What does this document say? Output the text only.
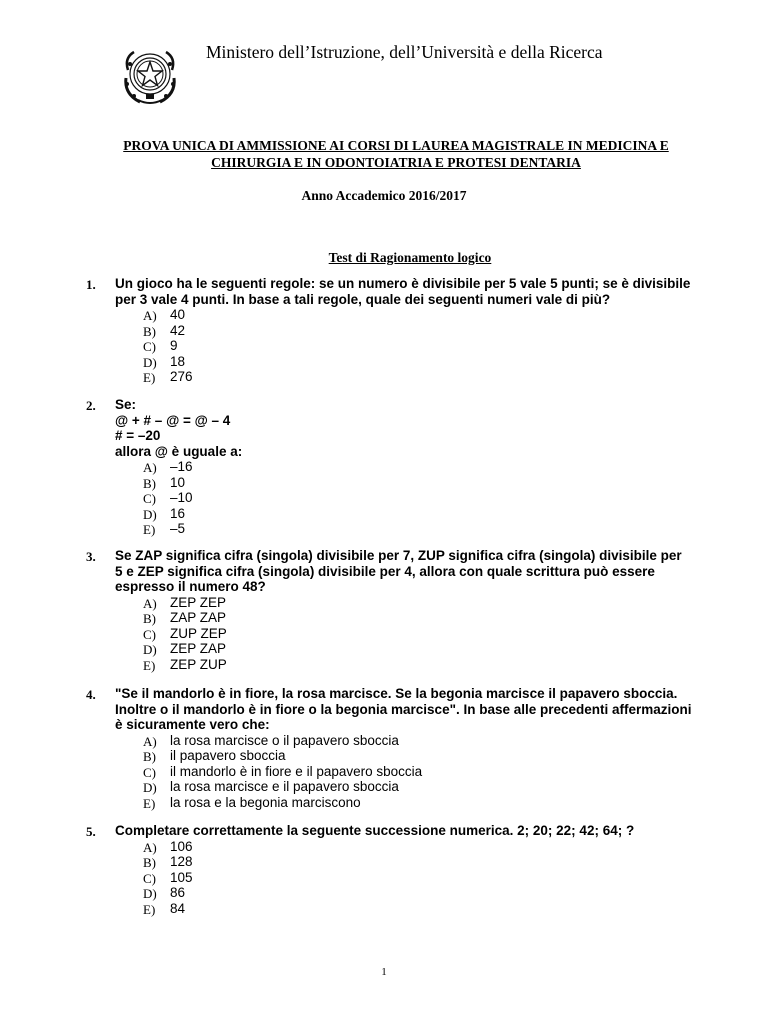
Ministero dell’Istruzione, dell’Università e della Ricerca
PROVA UNICA DI AMMISSIONE AI CORSI DI LAUREA MAGISTRALE IN MEDICINA E
CHIRURGIA E IN ODONTOIATRIA E PROTESI DENTARIA
Anno Accademico 2016/2017
Test di Ragionamento logico
1. Un gioco ha le seguenti regole: se un numero è divisibile per 5 vale 5 punti; se è divisibile
per 3 vale 4 punti. In base a tali regole, quale dei seguenti numeri vale di più?
A) 40
B) 42
C) 9
D) 18
E) 276
2. Se:
@ + # – @ = @ – 4
# = –20
allora @ è uguale a:
A) –16
B) 10
C) –10
D) 16
E) –5
3. Se ZAP significa cifra (singola) divisibile per 7, ZUP significa cifra (singola) divisibile per
5 e ZEP significa cifra (singola) divisibile per 4, allora con quale scrittura può essere
espresso il numero 48?
A) ZEP ZEP
B) ZAP ZAP
C) ZUP ZEP
D) ZEP ZAP
E) ZEP ZUP
4. "Se il mandorlo è in fiore, la rosa marcisce. Se la begonia marcisce il papavero sboccia.
Inoltre o il mandorlo è in fiore o la begonia marcisce". In base alle precedenti affermazioni
è sicuramente vero che:
A) la rosa marcisce o il papavero sboccia
B) il papavero sboccia
C) il mandorlo è in fiore e il papavero sboccia
D) la rosa marcisce e il papavero sboccia
E) la rosa e la begonia marciscono
5. Completare correttamente la seguente successione numerica. 2; 20; 22; 42; 64; ?
A) 106
B) 128
C) 105
D) 86
E) 84
1
